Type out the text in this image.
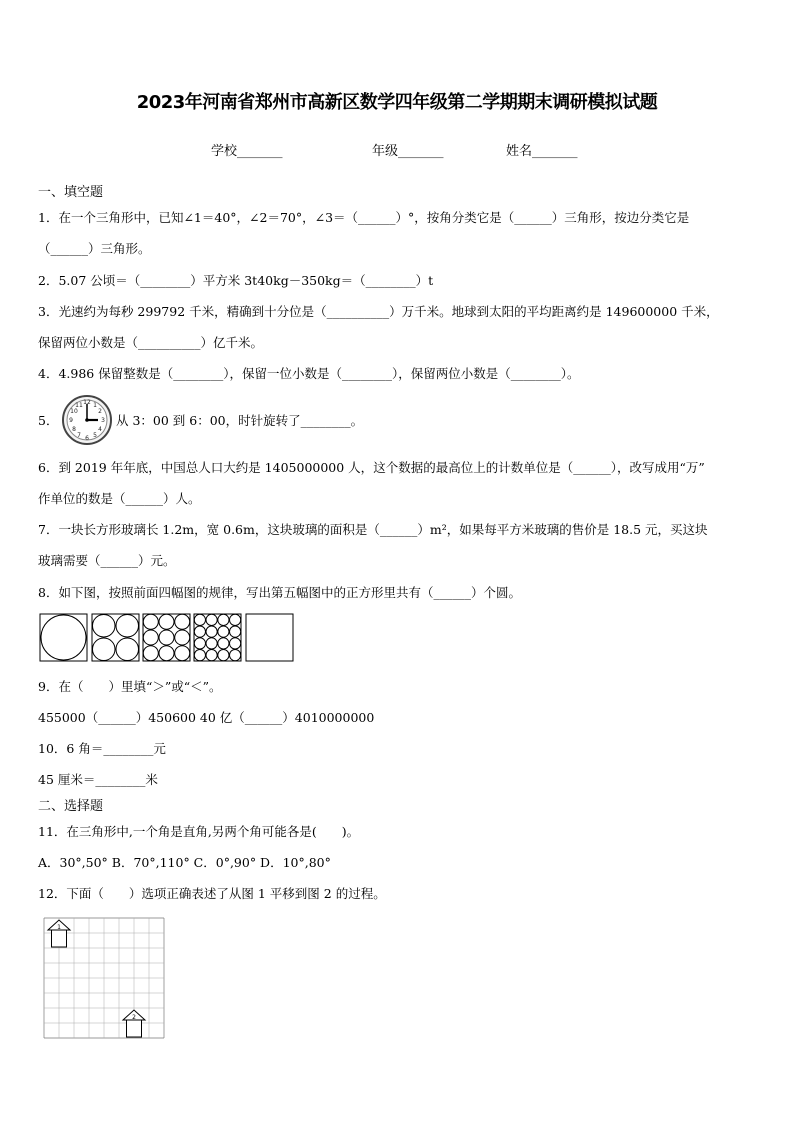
2023年河南省郑州市高新区数学四年级第二学期期末调研模拟试题
学校_______	年级_______	姓名_______
一、填空题
1．在一个三角形中，已知∠1＝40°，∠2＝70°，∠3＝（______）°，按角分类它是（______）三角形，按边分类它是
（______）三角形。
2．5.07 公顷＝（________）平方米 3t40kg－350kg＝（________）t
3．光速约为每秒 299792 千米，精确到十分位是（__________）万千米。地球到太阳的平均距离约是 149600000 千米，
保留两位小数是（__________）亿千米。
4．4.986 保留整数是（________），保留一位小数是（________），保留两位小数是（________）。
5．
12
3
6
9
1
2
4
5
7
8
10
11
从 3：00 到 6：00，时针旋转了________。
6．到 2019 年年底，中国总人口大约是 1405000000 人，这个数据的最高位上的计数单位是（______），改写成用“万”
作单位的数是（______）人。
7．一块长方形玻璃长 1.2m，宽 0.6m，这块玻璃的面积是（______）m²，如果每平方米玻璃的售价是 18.5 元，买这块
玻璃需要（______）元。
8．如下图，按照前面四幅图的规律，写出第五幅图中的正方形里共有（______）个圆。
9．在（　　）里填“＞”或“＜”。
455000（______）450600 40 亿（______）4010000000
10．6 角＝________元
45 厘米＝________米
二、选择题
11．在三角形中,一个角是直角,另两个角可能各是(　　)。
A．30°,50° B．70°,110° C．0°,90° D．10°,80°
12．下面（　　）选项正确表述了从图 1 平移到图 2 的过程。
1
2
